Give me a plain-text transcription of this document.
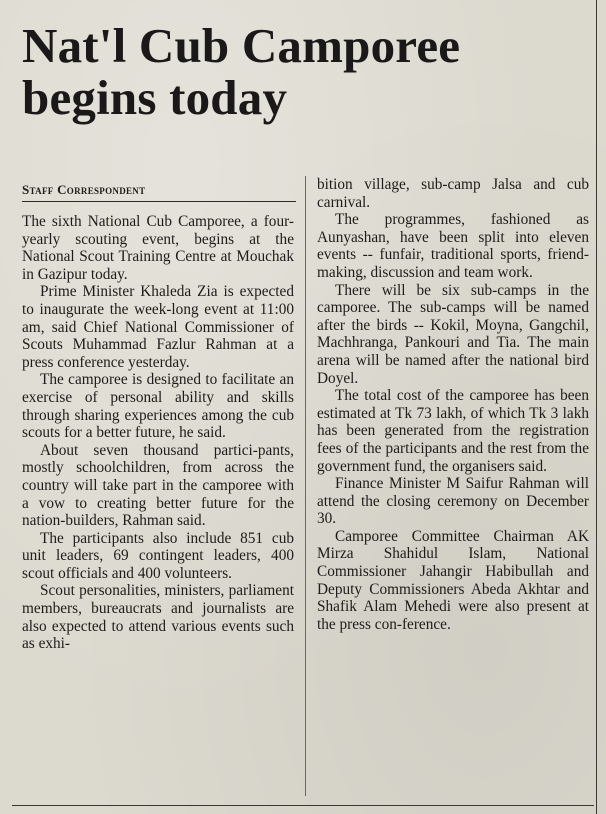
Nat'l Cub Camporee begins today
Staff Correspondent

The sixth National Cub Camporee, a four-yearly scouting event, begins at the National Scout Training Centre at Mouchak in Gazipur today.

Prime Minister Khaleda Zia is expected to inaugurate the week-long event at 11:00 am, said Chief National Commissioner of Scouts Muhammad Fazlur Rahman at a press conference yesterday.

The camporee is designed to facilitate an exercise of personal ability and skills through sharing experiences among the cub scouts for a better future, he said.

About seven thousand partici-pants, mostly schoolchildren, from across the country will take part in the camporee with a vow to creating better future for the nation-builders, Rahman said.

The participants also include 851 cub unit leaders, 69 contingent leaders, 400 scout officials and 400 volunteers.

Scout personalities, ministers, parliament members, bureaucrats and journalists are also expected to attend various events such as exhi-

bition village, sub-camp Jalsa and cub carnival.

The programmes, fashioned as Aunyashan, have been split into eleven events -- funfair, traditional sports, friend-making, discussion and team work.

There will be six sub-camps in the camporee. The sub-camps will be named after the birds -- Kokil, Moyna, Gangchil, Machhranga, Pankouri and Tia. The main arena will be named after the national bird Doyel.

The total cost of the camporee has been estimated at Tk 73 lakh, of which Tk 3 lakh has been generated from the registration fees of the participants and the rest from the government fund, the organisers said.

Finance Minister M Saifur Rahman will attend the closing ceremony on December 30.

Camporee Committee Chairman AK Mirza Shahidul Islam, National Commissioner Jahangir Habibullah and Deputy Commissioners Abeda Akhtar and Shafik Alam Mehedi were also present at the press con-ference.
